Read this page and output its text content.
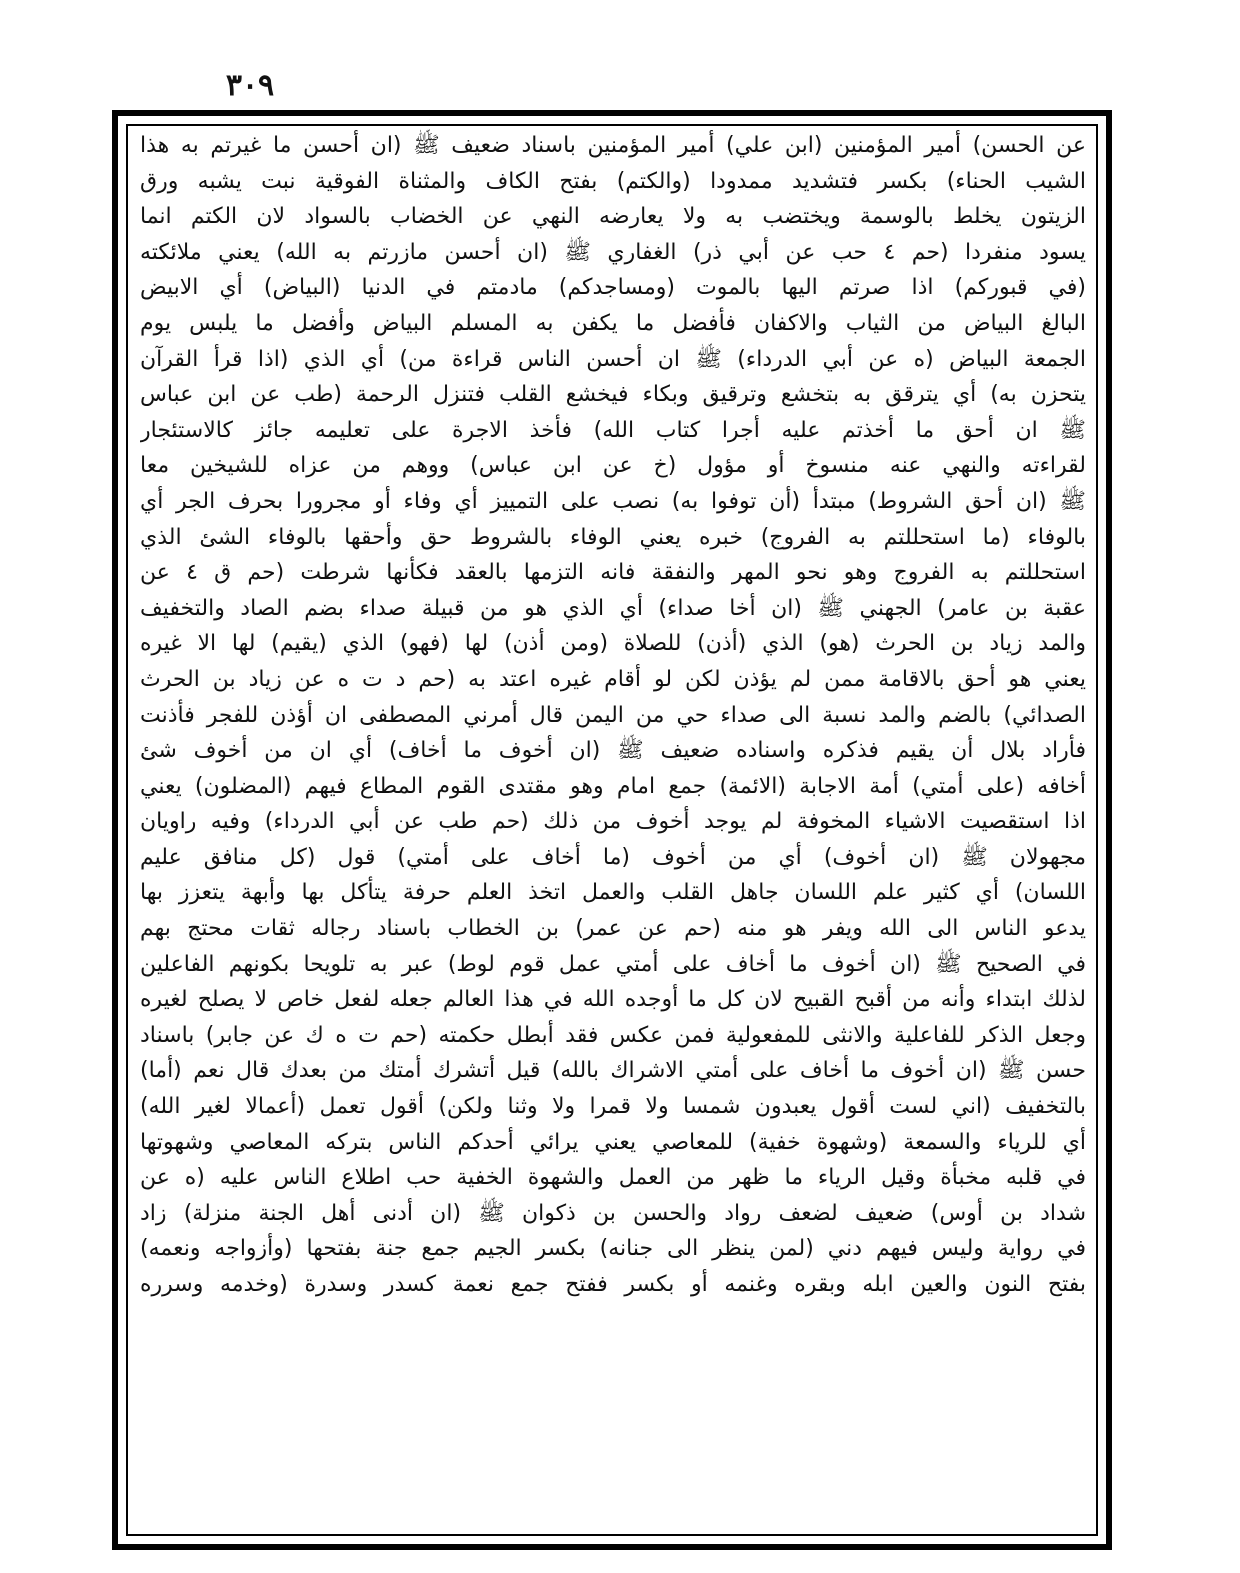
٣٠٩
عن الحسن) أمير المؤمنين (ابن علي) أمير المؤمنين باسناد ضعيف ﷺ (ان أحسن ما غيرتم به هذا
الشيب الحناء) بكسر فتشديد ممدودا (والكتم) بفتح الكاف والمثناة الفوقية نبت يشبه ورق
الزيتون يخلط بالوسمة ويختضب به ولا يعارضه النهي عن الخضاب بالسواد لان الكتم انما
يسود منفردا (حم ٤ حب عن أبي ذر) الغفاري ﷺ (ان أحسن مازرتم به الله) يعني ملائكته
(في قبوركم) اذا صرتم اليها بالموت (ومساجدكم) مادمتم في الدنيا (البياض) أي الابيض
البالغ البياض من الثياب والاكفان فأفضل ما يكفن به المسلم البياض وأفضل ما يلبس يوم
الجمعة البياض (ه عن أبي الدرداء) ﷺ ان أحسن الناس قراءة من) أي الذي (اذا قرأ القرآن
يتحزن به) أي يترقق به بتخشع وترقيق وبكاء فيخشع القلب فتنزل الرحمة (طب عن ابن عباس
ﷺ ان أحق ما أخذتم عليه أجرا كتاب الله) فأخذ الاجرة على تعليمه جائز كالاستئجار
لقراءته والنهي عنه منسوخ أو مؤول (خ عن ابن عباس) ووهم من عزاه للشيخين معا
ﷺ (ان أحق الشروط) مبتدأ (أن توفوا به) نصب على التمييز أي وفاء أو مجرورا بحرف الجر أي
بالوفاء (ما استحللتم به الفروج) خبره يعني الوفاء بالشروط حق وأحقها بالوفاء الشئ الذي
استحللتم به الفروج وهو نحو المهر والنفقة فانه التزمها بالعقد فكأنها شرطت (حم ق ٤ عن
عقبة بن عامر) الجهني ﷺ (ان أخا صداء) أي الذي هو من قبيلة صداء بضم الصاد والتخفيف
والمد زياد بن الحرث (هو) الذي (أذن) للصلاة (ومن أذن) لها (فهو) الذي (يقيم) لها الا غيره
يعني هو أحق بالاقامة ممن لم يؤذن لكن لو أقام غيره اعتد به (حم د ت ه عن زياد بن الحرث
الصدائي) بالضم والمد نسبة الى صداء حي من اليمن قال أمرني المصطفى ان أؤذن للفجر فأذنت
فأراد بلال أن يقيم فذكره واسناده ضعيف ﷺ (ان أخوف ما أخاف) أي ان من أخوف شئ
أخافه (على أمتي) أمة الاجابة (الائمة) جمع امام وهو مقتدى القوم المطاع فيهم (المضلون) يعني
اذا استقصيت الاشياء المخوفة لم يوجد أخوف من ذلك (حم طب عن أبي الدرداء) وفيه راويان
مجهولان ﷺ (ان أخوف) أي من أخوف (ما أخاف على أمتي) قول (كل منافق عليم
اللسان) أي كثير علم اللسان جاهل القلب والعمل اتخذ العلم حرفة يتأكل بها وأبهة يتعزز بها
يدعو الناس الى الله ويفر هو منه (حم عن عمر) بن الخطاب باسناد رجاله ثقات محتج بهم
في الصحيح ﷺ (ان أخوف ما أخاف على أمتي عمل قوم لوط) عبر به تلويحا بكونهم الفاعلين
لذلك ابتداء وأنه من أقبح القبيح لان كل ما أوجده الله في هذا العالم جعله لفعل خاص لا يصلح لغيره
وجعل الذكر للفاعلية والانثى للمفعولية فمن عكس فقد أبطل حكمته (حم ت ه ك عن جابر) باسناد
حسن ﷺ (ان أخوف ما أخاف على أمتي الاشراك بالله) قيل أتشرك أمتك من بعدك قال نعم (أما)
بالتخفيف (اني لست أقول يعبدون شمسا ولا قمرا ولا وثنا ولكن) أقول تعمل (أعمالا لغير الله)
أي للرياء والسمعة (وشهوة خفية) للمعاصي يعني يرائي أحدكم الناس بتركه المعاصي وشهوتها
في قلبه مخبأة وقيل الرياء ما ظهر من العمل والشهوة الخفية حب اطلاع الناس عليه (ه عن
شداد بن أوس) ضعيف لضعف رواد والحسن بن ذكوان ﷺ (ان أدنى أهل الجنة منزلة) زاد
في رواية وليس فيهم دني (لمن ينظر الى جنانه) بكسر الجيم جمع جنة بفتحها (وأزواجه ونعمه)
بفتح النون والعين ابله وبقره وغنمه أو بكسر ففتح جمع نعمة كسدر وسدرة (وخدمه وسرره
